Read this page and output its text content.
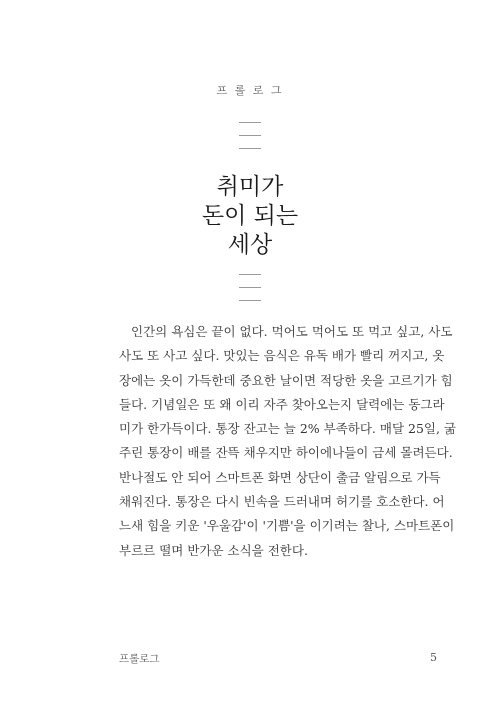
프 롤 로 그
취미가
돈이 되는
세상
인간의 욕심은 끝이 없다. 먹어도 먹어도 또 먹고 싶고, 사도
사도 또 사고 싶다. 맛있는 음식은 유독 배가 빨리 꺼지고, 옷
장에는 옷이 가득한데 중요한 날이면 적당한 옷을 고르기가 힘
들다. 기념일은 또 왜 이리 자주 찾아오는지 달력에는 동그라
미가 한가득이다. 통장 잔고는 늘 2% 부족하다. 매달 25일, 굶
주린 통장이 배를 잔뜩 채우지만 하이에나들이 금세 몰려든다.
반나절도 안 되어 스마트폰 화면 상단이 출금 알림으로 가득
채워진다. 통장은 다시 빈속을 드러내며 허기를 호소한다. 어
느새 힘을 키운 '우울감'이 '기쁨'을 이기려는 찰나, 스마트폰이
부르르 떨며 반가운 소식을 전한다.
프롤로그	5
